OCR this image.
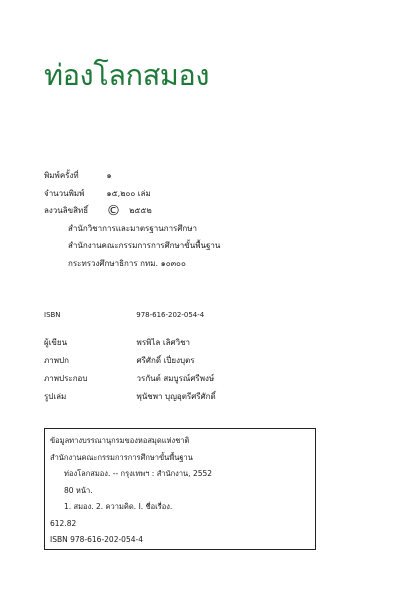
ท่องโลกสมอง
พิมพ์ครั้งที่	๑
จำนวนพิมพ์	๑๕,๒๐๐ เล่ม
ลงวนลิขสิทธิ์ © ๒๕๕๒
สำนักวิชาการและมาตรฐานการศึกษา
สำนักงานคณะกรรมการการศึกษาขั้นพื้นฐาน
กระทรวงศึกษาธิการ กทม. ๑๐๓๐๐
ISBN	978-616-202-054-4
ผู้เขียน	พรพิไล เลิศวิชา
ภาพปก	ศรีศักดิ์ เปี่ยงบุตร
ภาพประกอบ	วรกันต์ สมบูรณ์ศรีพงษ์
รูปเล่ม	พุนัชพา บุญอุตรีศรีศักดิ์
ข้อมูลทางบรรณานุกรมของหอสมุดแห่งชาติ
สำนักงานคณะกรรมการการศึกษาขั้นพื้นฐาน
ท่องโลกสมอง. -- กรุงเทพฯ : สำนักงาน, 2552
80 หน้า.
1. สมอง. 2. ความคิด. I. ชื่อเรื่อง.
612.82
ISBN 978-616-202-054-4
